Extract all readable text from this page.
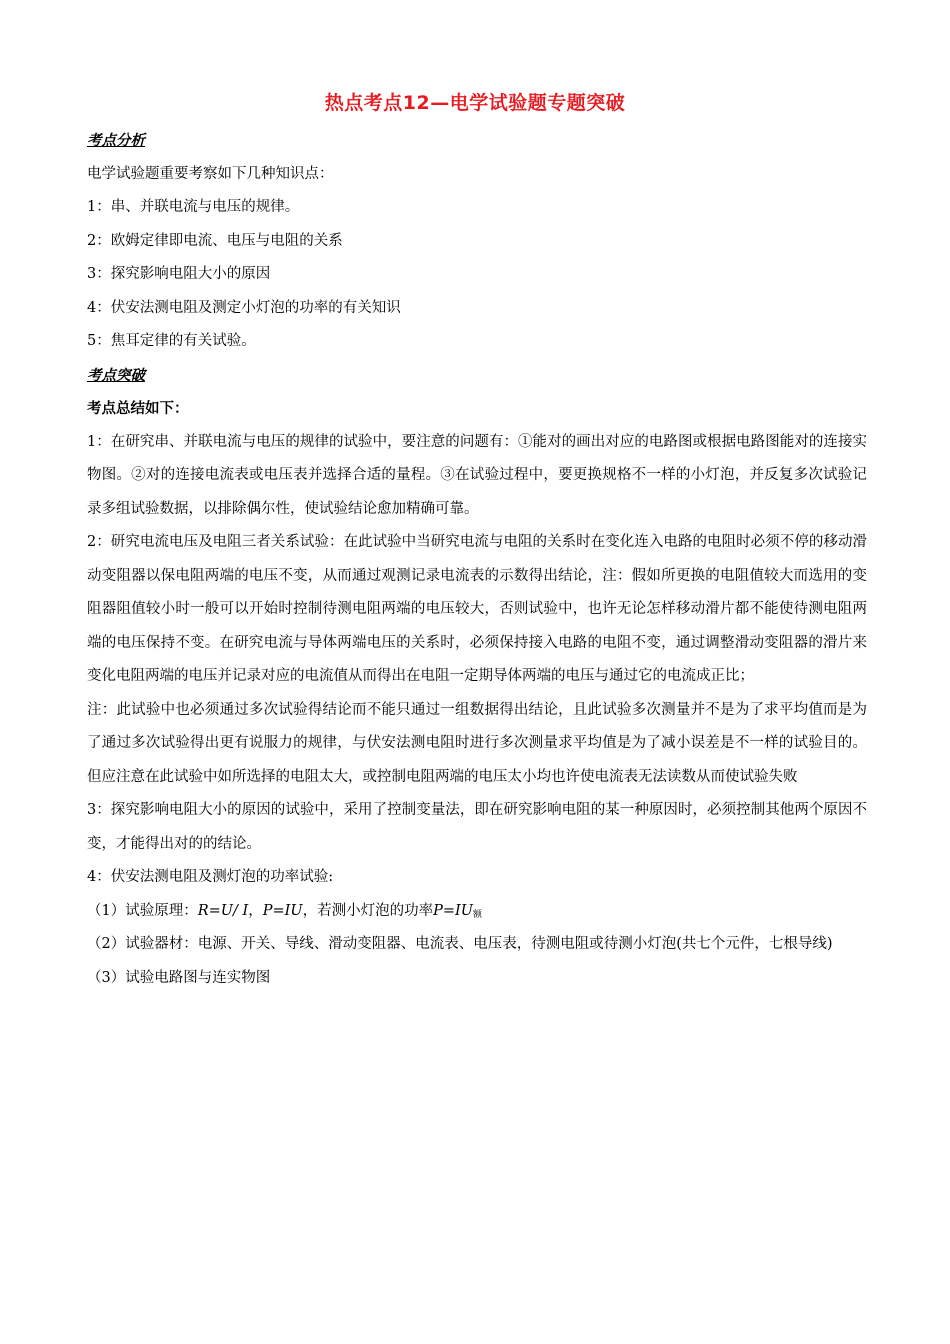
热点考点12—电学试验题专题突破
考点分析
电学试验题重要考察如下几种知识点：
1：串、并联电流与电压的规律。
2：欧姆定律即电流、电压与电阻的关系
3：探究影响电阻大小的原因
4：伏安法测电阻及测定小灯泡的功率的有关知识
5：焦耳定律的有关试验。
考点突破
考点总结如下：

1：在研究串、并联电流与电压的规律的试验中，要注意的问题有：①能对的画出对应的电路图或根据电路图能对的连接实物图。②对的连接电流表或电压表并选择合适的量程。③在试验过程中，要更换规格不一样的小灯泡，并反复多次试验记录多组试验数据，以排除偶尔性，使试验结论愈加精确可靠。

2：研究电流电压及电阻三者关系试验：在此试验中当研究电流与电阻的关系时在变化连入电路的电阻时必须不停的移动滑动变阻器以保电阻两端的电压不变，从而通过观测记录电流表的示数得出结论，注：假如所更换的电阻值较大而选用的变阻器阻值较小时一般可以开始时控制待测电阻两端的电压较大，否则试验中，也许无论怎样移动滑片都不能使待测电阻两端的电压保持不变。在研究电流与导体两端电压的关系时，必须保持接入电路的电阻不变，通过调整滑动变阻器的滑片来变化电阻两端的电压并记录对应的电流值从而得出在电阻一定期导体两端的电压与通过它的电流成正比；

注：此试验中也必须通过多次试验得结论而不能只通过一组数据得出结论，且此试验多次测量并不是为了求平均值而是为了通过多次试验得出更有说服力的规律，与伏安法测电阻时进行多次测量求平均值是为了减小误差是不一样的试验目的。但应注意在此试验中如所选择的电阻太大，或控制电阻两端的电压太小均也许使电流表无法读数从而使试验失败

3：探究影响电阻大小的原因的试验中，采用了控制变量法，即在研究影响电阻的某一种原因时，必须控制其他两个原因不变，才能得出对的的结论。

4：伏安法测电阻及测灯泡的功率试验:
（1）试验原理：R=U/ I，P=IU，若测小灯泡的功率$P=IU_额$

（2）试验器材：电源、开关、导线、滑动变阻器、电流表、电压表，待测电阻或待测小灯泡(共七个元件，七根导线)

（3）试验电路图与连实物图
